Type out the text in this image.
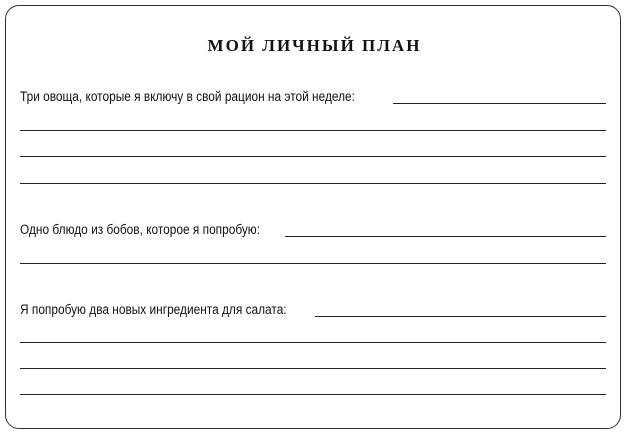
МОЙ ЛИЧНЫЙ ПЛАН
Три овоща, которые я включу в свой рацион на этой неделе:
Одно блюдо из бобов, которое я попробую:
Я попробую два новых ингредиента для салата:
